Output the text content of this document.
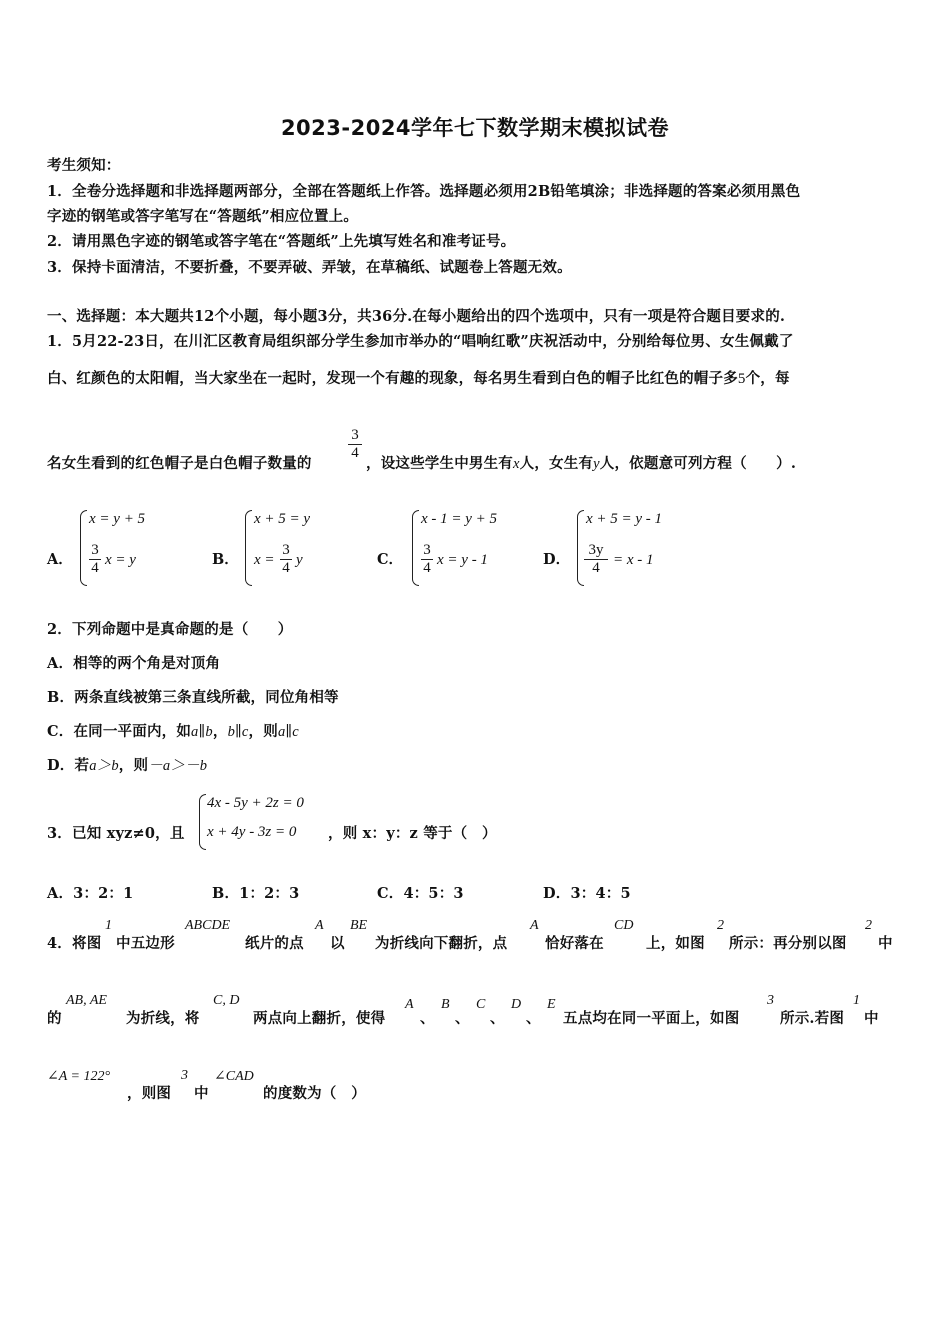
2023-2024学年七下数学期末模拟试卷
考生须知：
1．全卷分选择题和非选择题两部分，全部在答题纸上作答。选择题必须用2B铅笔填涂；非选择题的答案必须用黑色
字迹的钢笔或答字笔写在“答题纸”相应位置上。
2．请用黑色字迹的钢笔或答字笔在“答题纸”上先填写姓名和准考证号。
3．保持卡面清洁，不要折叠，不要弄破、弄皱，在草稿纸、试题卷上答题无效。
一、选择题：本大题共12个小题，每小题3分，共36分.在每小题给出的四个选项中，只有一项是符合题目要求的.
1．5月22-23日，在川汇区教育局组织部分学生参加市举办的“唱响红歌”庆祝活动中，分别给每位男、女生佩戴了
白、红颜色的太阳帽，当大家坐在一起时，发现一个有趣的现象，每名男生看到白色的帽子比红色的帽子多5个，每
名女生看到的红色帽子是白色帽子数量的
$\frac{3}{4}$
，设这些学生中男生有x人，女生有y人，依题意可列方程（　　）.
A．
x = y + 5
$\frac{3}{4}$ x = y	B．
x + 5 = y
$x = \frac{3}{4}$ y	C．
x - 1 = y + 5
$\frac{3}{4}$ x = y - 1	D．
x + 5 = y - 1
$\frac{3y}{4} = x - 1$
2．下列命题中是真命题的是（　　）
A．相等的两个角是对顶角
B．两条直线被第三条直线所截，同位角相等
C．在同一平面内，如a∥b，b∥c，则a∥c
D．若a＞b，则－a＞－b
3．已知 xyz≠0，且
4x - 5y + 2z = 0
x + 4y - 3z = 0 ，则 x：y：z 等于（　）
A．3：2：1	B．1：2：3	C．4：5：3	D．3：4：5
4．将图
1
中五边形
ABCDE
纸片的点
A
以
BE
为折线向下翻折，点
A
恰好落在
CD
上，如图
2
所示：再分别以图
2
中
的
AB, AE
为折线，将
C, D
两点向上翻折，使得
A
、
B
、
C
、
D
、
E
五点均在同一平面上，如图
3
所示.若图
1
中
∠A = 122°
，则图
3
中
∠CAD
的度数为（　）
